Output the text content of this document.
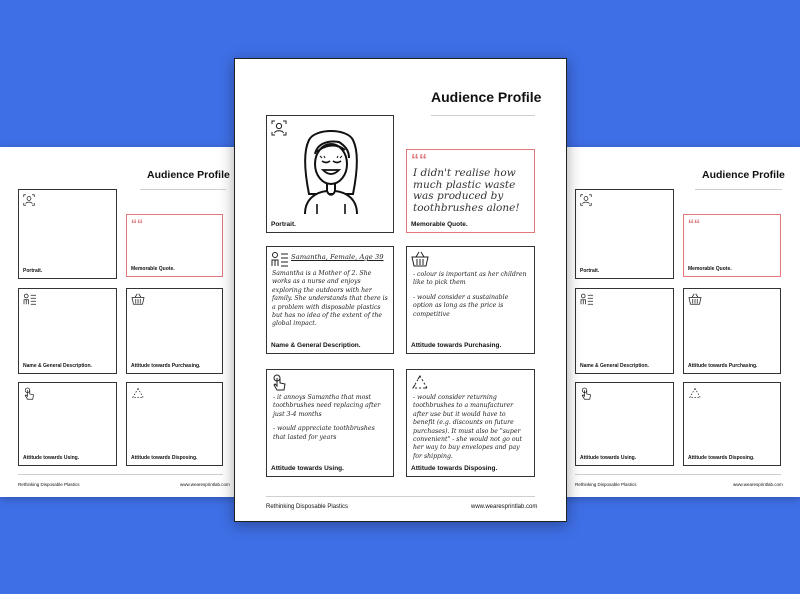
Audience Profile
Portrait.
““
Memorable Quote.
Name & General Description.	Attitude towards Purchasing.
Attitude towards Using.	Attitude towards Disposing.
Rethinking Disposable Plastics	www.wearesprintlab.com
Audience Profile
Portrait.
““
Memorable Quote.
Name & General Description.	Attitude towards Purchasing.
Attitude towards Using.	Attitude towards Disposing.
Rethinking Disposable Plastics	www.wearesprintlab.com
Audience Profile
Portrait.
““
I didn't realise how much plastic waste was produced by toothbrushes alone!
Memorable Quote.
Samantha, Female, Age 39
Samantha is a Mother of 2. She works as a nurse and enjoys exploring the outdoors with her family. She understands that there is a problem with disposable plastics but has no idea of the extent of the global impact.
Name & General Description.

- colour is important as her children like to pick them

- would consider a sustainable option as long as the price is competitive

Attitude towards Purchasing.

- it annoys Samantha that most toothbrushes need replacing after just 3-4 months

- would appreciate toothbrushes that lasted for years

Attitude towards Using.

- would consider returning toothbrushes to a manufacturer after use but it would have to benefit (e.g. discounts on future purchases). It must also be "super convenient" - she would not go out her way to buy envelopes and pay for shipping.

Attitude towards Disposing.
Rethinking Disposable Plastics	www.wearesprintlab.com
